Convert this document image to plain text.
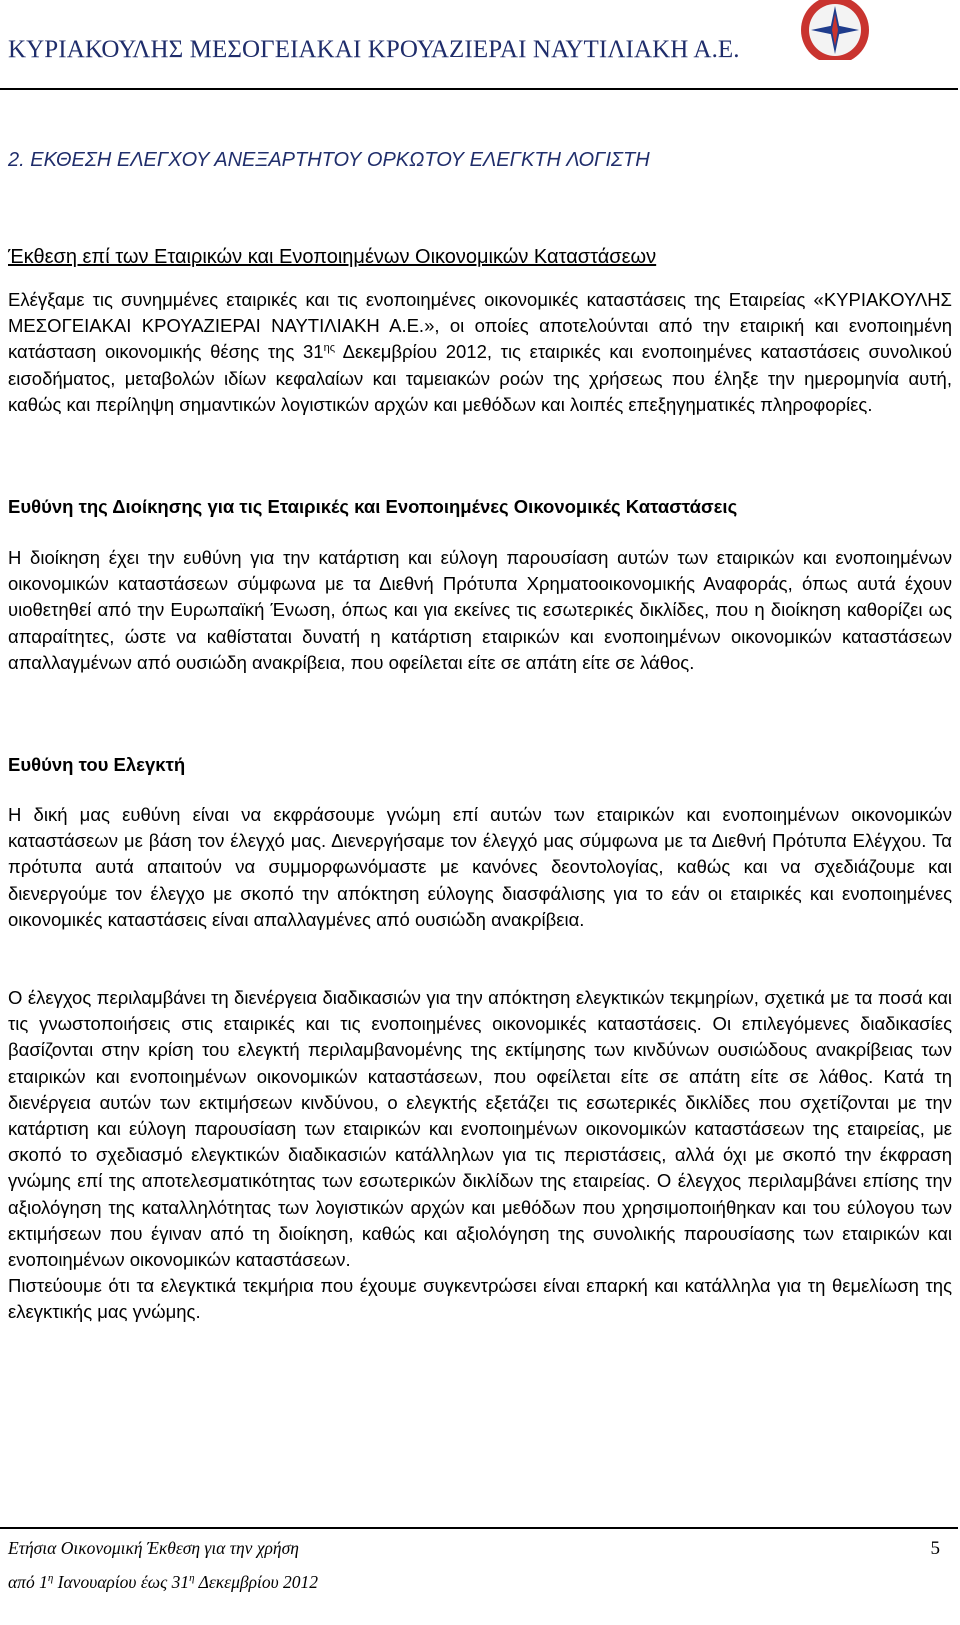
ΚΥΡΙΑΚΟΥΛΗΣ ΜΕΣΟΓΕΙΑΚΑΙ ΚΡΟΥΑΖΙΕΡΑΙ ΝΑΥΤΙΛΙΑΚΗ Α.Ε.
2. ΕΚΘΕΣΗ ΕΛΕΓΧΟΥ ΑΝΕΞΑΡΤΗΤΟΥ ΟΡΚΩΤΟΥ ΕΛΕΓΚΤΗ ΛΟΓΙΣΤΗ
Έκθεση επί των Εταιρικών και Ενοποιημένων Οικονομικών Καταστάσεων

Ελέγξαμε τις συνημμένες εταιρικές και τις ενοποιημένες οικονομικές καταστάσεις της Εταιρείας «ΚΥΡΙΑΚΟΥΛΗΣ ΜΕΣΟΓΕΙΑΚΑΙ ΚΡΟΥΑΖΙΕΡΑΙ ΝΑΥΤΙΛΙΑΚΗ Α.Ε.», οι οποίες αποτελούνται από την εταιρική και ενοποιημένη κατάσταση οικονομικής θέσης της $31^{\eta\varsigma}$ Δεκεμβρίου 2012, τις εταιρικές και ενοποιημένες καταστάσεις συνολικού εισοδήματος, μεταβολών ιδίων κεφαλαίων και ταμειακών ροών της χρήσεως που έληξε την ημερομηνία αυτή, καθώς και περίληψη σημαντικών λογιστικών αρχών και μεθόδων και λοιπές επεξηγηματικές πληροφορίες.

Ευθύνη της Διοίκησης για τις Εταιρικές και Ενοποιημένες Οικονομικές Καταστάσεις

Η διοίκηση έχει την ευθύνη για την κατάρτιση και εύλογη παρουσίαση αυτών των εταιρικών και ενοποιημένων οικονομικών καταστάσεων σύμφωνα με τα Διεθνή Πρότυπα Χρηματοοικονομικής Αναφοράς, όπως αυτά έχουν υιοθετηθεί από την Ευρωπαϊκή Ένωση, όπως και για εκείνες τις εσωτερικές δικλίδες, που η διοίκηση καθορίζει ως απαραίτητες, ώστε να καθίσταται δυνατή η κατάρτιση εταιρικών και ενοποιημένων οικονομικών καταστάσεων απαλλαγμένων από ουσιώδη ανακρίβεια, που οφείλεται είτε σε απάτη είτε σε λάθος.

Ευθύνη του Ελεγκτή

Η δική μας ευθύνη είναι να εκφράσουμε γνώμη επί αυτών των εταιρικών και ενοποιημένων οικονομικών καταστάσεων με βάση τον έλεγχό μας. Διενεργήσαμε τον έλεγχό μας σύμφωνα με τα Διεθνή Πρότυπα Ελέγχου. Τα πρότυπα αυτά απαιτούν να συμμορφωνόμαστε με κανόνες δεοντολογίας, καθώς και να σχεδιάζουμε και διενεργούμε τον έλεγχο με σκοπό την απόκτηση εύλογης διασφάλισης για το εάν οι εταιρικές και ενοποιημένες οικονομικές καταστάσεις είναι απαλλαγμένες από ουσιώδη ανακρίβεια.

Ο έλεγχος περιλαμβάνει τη διενέργεια διαδικασιών για την απόκτηση ελεγκτικών τεκμηρίων, σχετικά με τα ποσά και τις γνωστοποιήσεις στις εταιρικές και τις ενοποιημένες οικονομικές καταστάσεις. Οι επιλεγόμενες διαδικασίες βασίζονται στην κρίση του ελεγκτή περιλαμβανομένης της εκτίμησης των κινδύνων ουσιώδους ανακρίβειας των εταιρικών και ενοποιημένων οικονομικών καταστάσεων, που οφείλεται είτε σε απάτη είτε σε λάθος. Κατά τη διενέργεια αυτών των εκτιμήσεων κινδύνου, ο ελεγκτής εξετάζει τις εσωτερικές δικλίδες που σχετίζονται με την κατάρτιση και εύλογη παρουσίαση των εταιρικών και ενοποιημένων οικονομικών καταστάσεων της εταιρείας, με σκοπό το σχεδιασμό ελεγκτικών διαδικασιών κατάλληλων για τις περιστάσεις, αλλά όχι με σκοπό την έκφραση γνώμης επί της αποτελεσματικότητας των εσωτερικών δικλίδων της εταιρείας. Ο έλεγχος περιλαμβάνει επίσης την αξιολόγηση της καταλληλότητας των λογιστικών αρχών και μεθόδων που χρησιμοποιήθηκαν και του εύλογου των εκτιμήσεων που έγιναν από τη διοίκηση, καθώς και αξιολόγηση της συνολικής παρουσίασης των εταιρικών και ενοποιημένων οικονομικών καταστάσεων.

Πιστεύουμε ότι τα ελεγκτικά τεκμήρια που έχουμε συγκεντρώσει είναι επαρκή και κατάλληλα για τη θεμελίωση της ελεγκτικής μας γνώμης.

Ετήσια Οικονομική Έκθεση για την χρήση
από $1^\eta$ Ιανουαρίου έως $31^\eta$ Δεκεμβρίου 2012
5
